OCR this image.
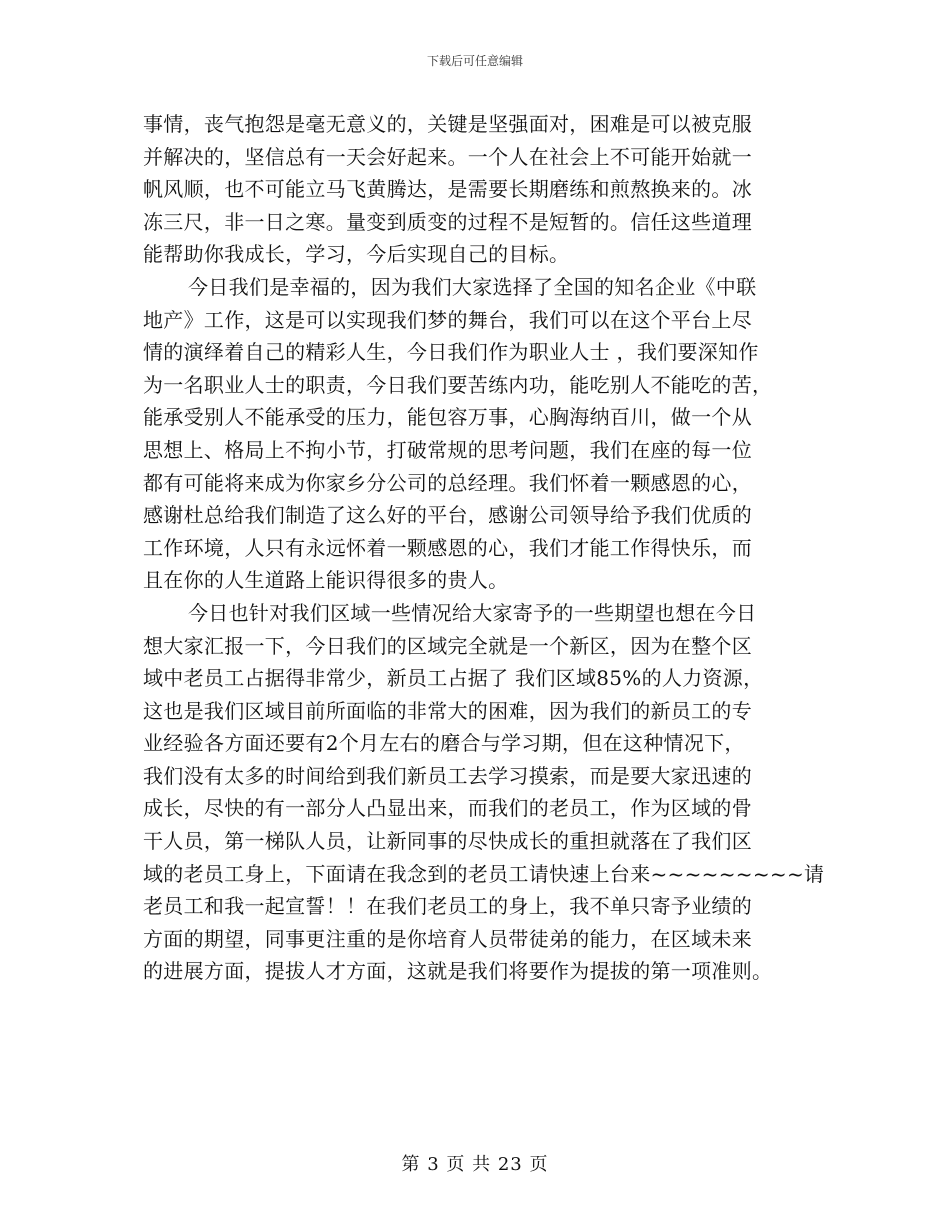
下载后可任意编辑

事情，丧气抱怨是毫无意义的，关键是坚强面对，困难是可以被克服
并解决的，坚信总有一天会好起来。一个人在社会上不可能开始就一
帆风顺，也不可能立马飞黄腾达，是需要长期磨练和煎熬换来的。冰
冻三尺，非一日之寒。量变到质变的过程不是短暂的。信任这些道理
能帮助你我成长，学习，今后实现自己的目标。

今日我们是幸福的，因为我们大家选择了全国的知名企业《中联
地产》工作，这是可以实现我们梦的舞台，我们可以在这个平台上尽
情的演绎着自己的精彩人生，今日我们作为职业人士 ，我们要深知作
为一名职业人士的职责，今日我们要苦练内功，能吃别人不能吃的苦，
能承受别人不能承受的压力，能包容万事，心胸海纳百川，做一个从
思想上、格局上不拘小节，打破常规的思考问题，我们在座的每一位
都有可能将来成为你家乡分公司的总经理。我们怀着一颗感恩的心，
感谢杜总给我们制造了这么好的平台，感谢公司领导给予我们优质的
工作环境，人只有永远怀着一颗感恩的心，我们才能工作得快乐，而
且在你的人生道路上能识得很多的贵人。

今日也针对我们区域一些情况给大家寄予的一些期望也想在今日
想大家汇报一下，今日我们的区域完全就是一个新区，因为在整个区
域中老员工占据得非常少，新员工占据了 我们区域85%的人力资源，
这也是我们区域目前所面临的非常大的困难，因为我们的新员工的专
业经验各方面还要有2个月左右的磨合与学习期，但在这种情况下，
我们没有太多的时间给到我们新员工去学习摸索，而是要大家迅速的
成长，尽快的有一部分人凸显出来，而我们的老员工，作为区域的骨
干人员，第一梯队人员，让新同事的尽快成长的重担就落在了我们区
域的老员工身上，下面请在我念到的老员工请快速上台来~~~~~~~~~请
老员工和我一起宣誓！！在我们老员工的身上，我不单只寄予业绩的
方面的期望，同事更注重的是你培育人员带徒弟的能力，在区域未来
的进展方面，提拔人才方面，这就是我们将要作为提拔的第一项准则。

第 3 页 共 23 页
